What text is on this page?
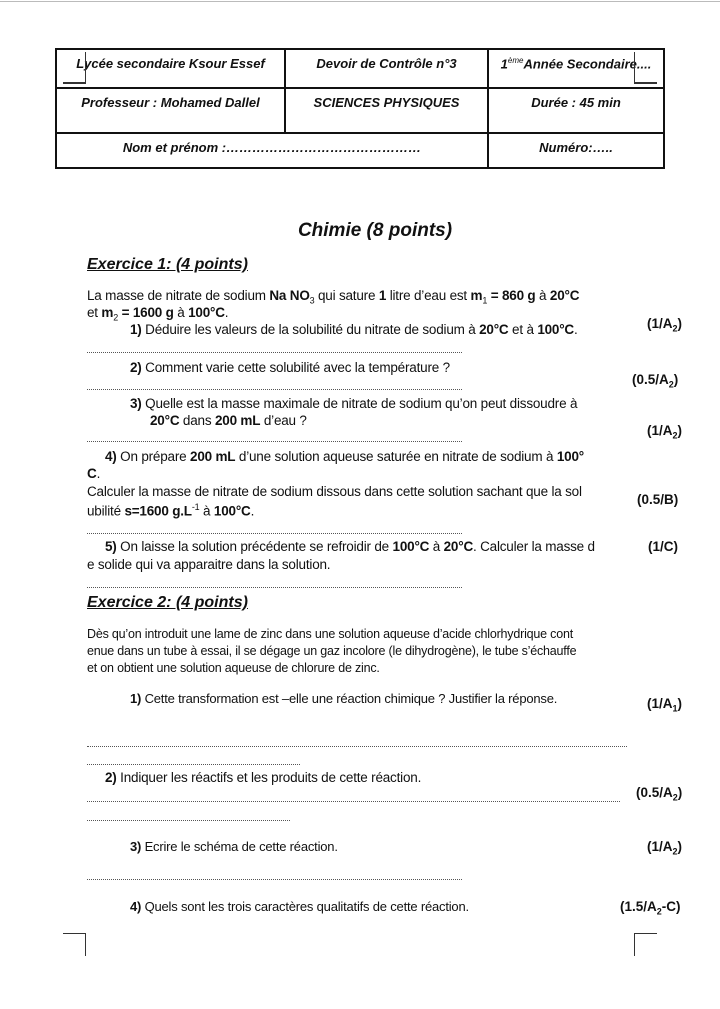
Lycée secondaire Ksour Essef	Devoir de Contrôle n°3	1èmeAnnée Secondaire....
Professeur : Mohamed Dallel	SCIENCES PHYSIQUES	Durée : 45 min
Nom et prénom :………………………………………		Numéro:…..
Chimie (8 points)
Exercice 1: (4 points)
La masse de nitrate de sodium Na $NO_3$ qui sature 1 litre d’eau est $m_1 = 860$ g à 20°C
et $m_2 = 1600$ g à 100°C.
1) Déduire les valeurs de la solubilité du nitrate de sodium à 20°C et à 100°C.	$(1/A_2)$
2) Comment varie cette solubilité avec la température ?
$(0.5/A_2)$
3) Quelle est la masse maximale de nitrate de sodium qu’on peut dissoudre à
20°C dans 200 mL d’eau ?
$(1/A_2)$
4) On prépare 200 mL d’une solution aqueuse saturée en nitrate de sodium à 100°
C.
Calculer la masse de nitrate de sodium dissous dans cette solution sachant que la sol
ubilité s=1600 $g.L^{-1}$ à 100°C.
(0.5/B)
5) On laisse la solution précédente se refroidir de 100°C à 20°C. Calculer la masse d
e solide qui va apparaitre dans la solution.
(1/C)
Exercice 2: (4 points)
Dès qu’on introduit une lame de zinc dans une solution aqueuse d’acide chlorhydrique cont
enue dans un tube à essai, il se dégage un gaz incolore (le dihydrogène), le tube s’échauffe
et on obtient une solution aqueuse de chlorure de zinc.
1) Cette transformation est –elle une réaction chimique ? Justifier la réponse.	$(1/A_1)$
2) Indiquer les réactifs et les produits de cette réaction.
$(0.5/A_2)$
3) Ecrire le schéma de cette réaction.	$(1/A_2)$
4) Quels sont les trois caractères qualitatifs de cette réaction.	$(1.5/A_2-C)$
